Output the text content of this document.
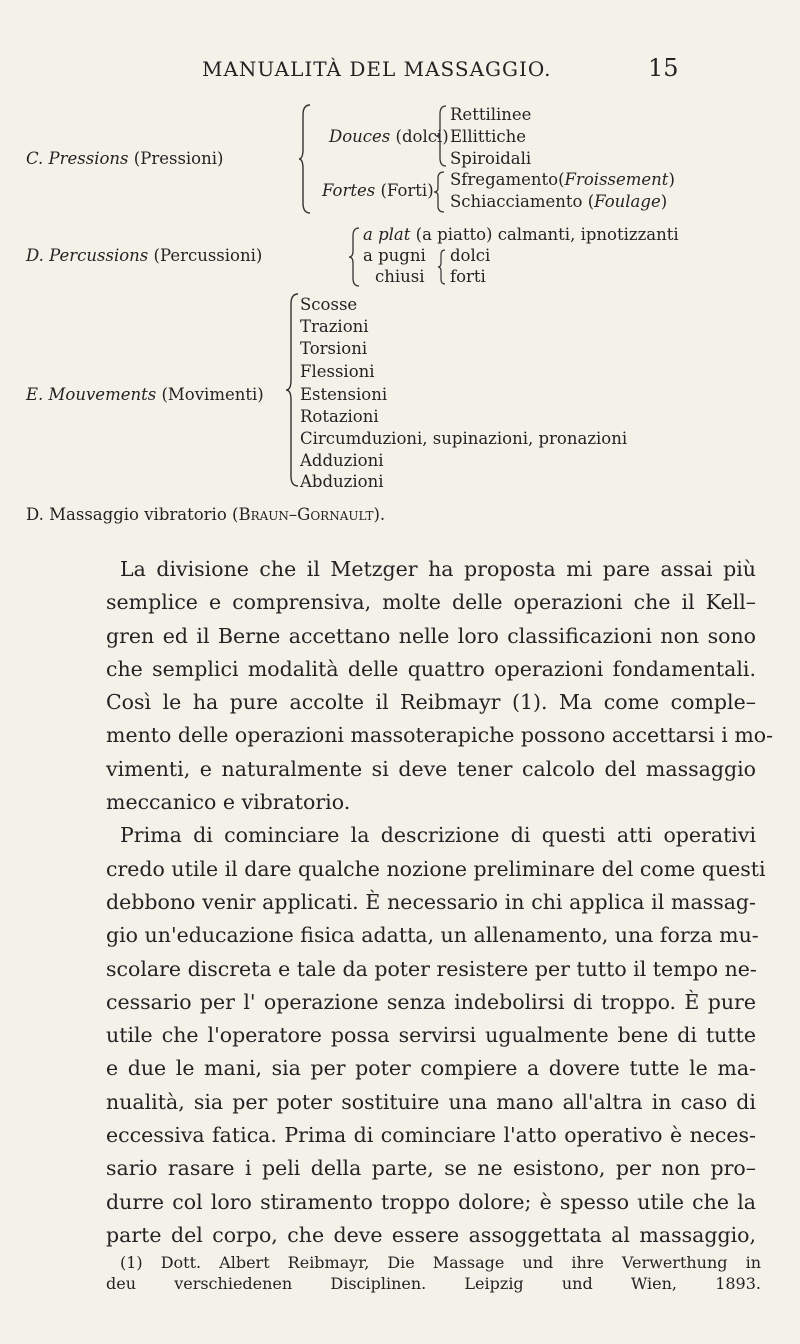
MANUALITÀ DEL MASSAGGIO.	15
C. Pressions (Pressioni)
Douces (dolci)
Rettilinee
Ellittiche
Spiroidali
Fortes (Forti)
Sfregamento(Froissement)
Schiacciamento (Foulage)
D. Percussions (Percussioni)
a plat (a piatto) calmanti, ipnotizzanti
a pugni
chiusi
dolci
forti
E. Mouvements (Movimenti)
Scosse
Trazioni
Torsioni
Flessioni
Estensioni
Rotazioni
Circumduzioni, supinazioni, pronazioni
Adduzioni
Abduzioni
D. Massaggio vibratorio (Braun–Gornault).
La divisione che il Metzger ha proposta mi pare assai più
semplice e comprensiva, molte delle operazioni che il Kell–
gren ed il Berne accettano nelle loro classificazioni non sono
che semplici modalità delle quattro operazioni fondamentali.
Così le ha pure accolte il Reibmayr (1). Ma come comple–
mento delle operazioni massoterapiche possono accettarsi i mo-
vimenti, e naturalmente si deve tener calcolo del massaggio
meccanico e vibratorio.
Prima di cominciare la descrizione di questi atti operativi
credo utile il dare qualche nozione preliminare del come questi
debbono venir applicati. È necessario in chi applica il massag-
gio un'educazione fisica adatta, un allenamento, una forza mu-
scolare discreta e tale da poter resistere per tutto il tempo ne-
cessario per l' operazione senza indebolirsi di troppo. È pure
utile che l'operatore possa servirsi ugualmente bene di tutte
e due le mani, sia per poter compiere a dovere tutte le ma-
nualità, sia per poter sostituire una mano all'altra in caso di
eccessiva fatica. Prima di cominciare l'atto operativo è neces-
sario rasare i peli della parte, se ne esistono, per non pro–
durre col loro stiramento troppo dolore; è spesso utile che la
parte del corpo, che deve essere assoggettata al massaggio,
(1) Dott. Albert Reibmayr, Die Massage und ihre Verwerthung in
deu verschiedenen Disciplinen. Leipzig und Wien, 1893.
